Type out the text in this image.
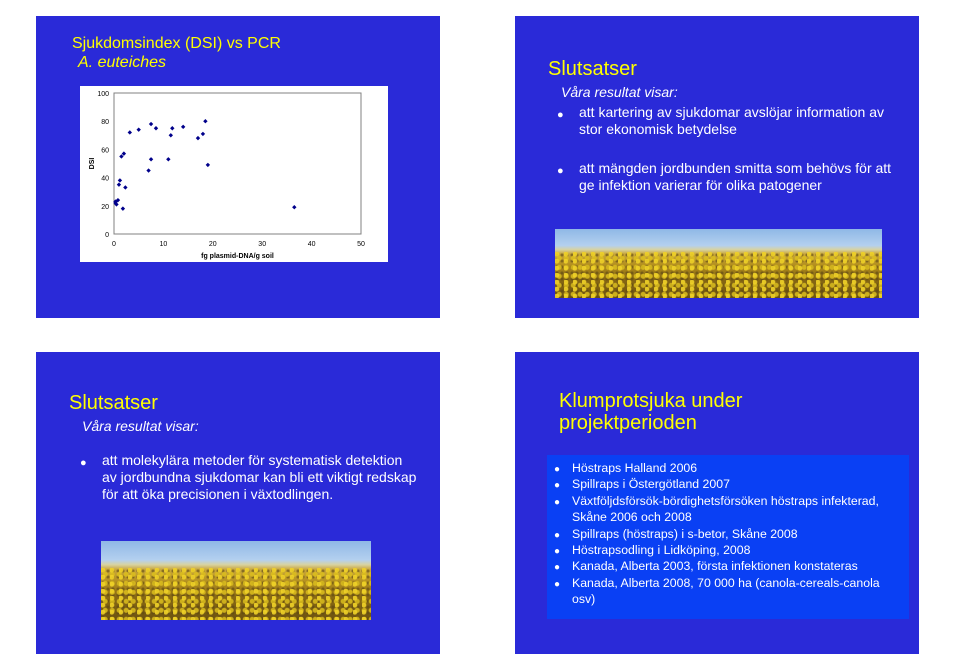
Sjukdomsindex (DSI) vs PCR
A. euteiches
0
20
40
60
80
100
0	10	20	30	40	50
fg plasmid-DNA/g soil
DSI
Slutsatser

Våra resultat visar:

● att kartering av sjukdomar avslöjar information av stor ekonomisk betydelse
● att mängden jordbunden smitta som behövs för att ge infektion varierar för olika patogener
Slutsatser

Våra resultat visar:

● att molekylära metoder för systematisk detektion av jordbundna sjukdomar kan bli ett viktigt redskap för att öka precisionen i växtodlingen.
Klumprotsjuka under
projektperioden
● Höstraps Halland 2006
● Spillraps i Östergötland 2007
● Växtföljdsförsök-bördighetsförsöken höstraps infekterad, Skåne 2006 och 2008
● Spillraps (höstraps) i s-betor, Skåne 2008
● Höstrapsodling i Lidköping, 2008
● Kanada, Alberta 2003, första infektionen konstateras
● Kanada, Alberta 2008, 70 000 ha (canola-cereals-canola osv)
